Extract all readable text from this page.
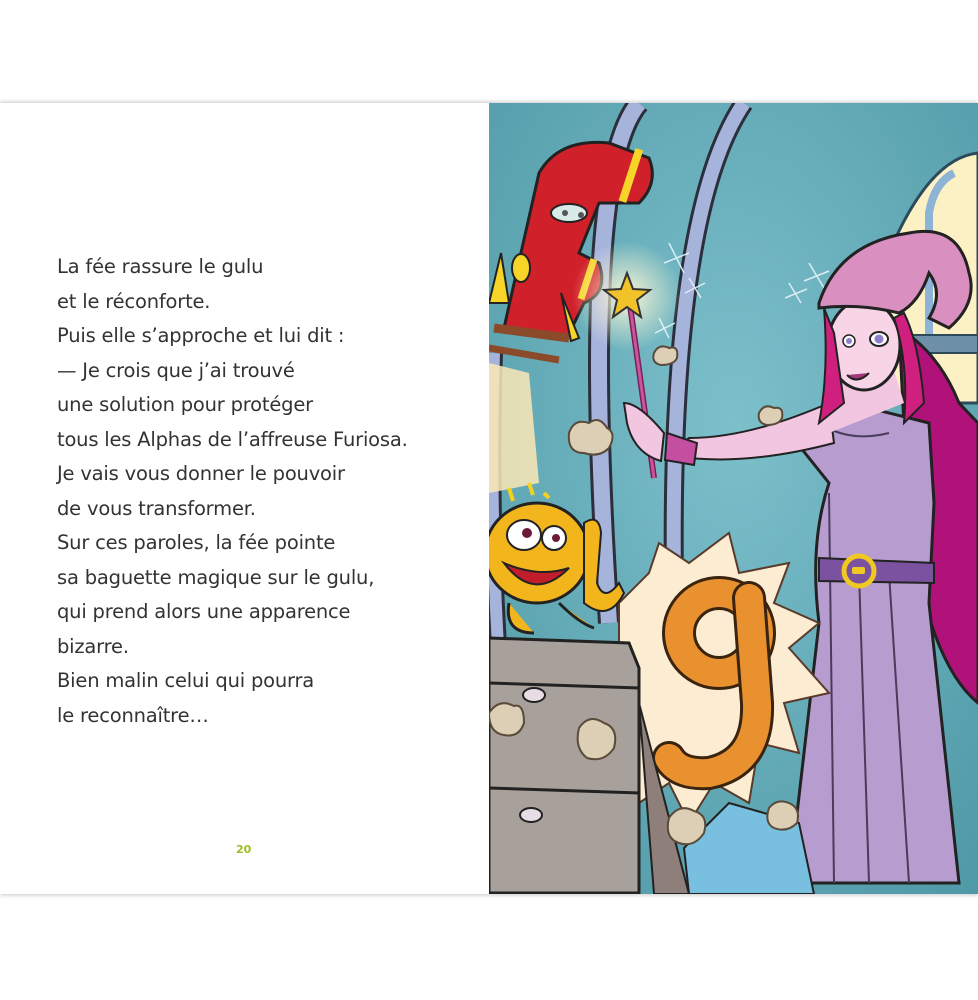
La fée rassure le gulu
et le réconforte.
Puis elle s’approche et lui dit :
— Je crois que j’ai trouvé
une solution pour protéger
tous les Alphas de l’affreuse Furiosa.
Je vais vous donner le pouvoir
de vous transformer.
Sur ces paroles, la fée pointe
sa baguette magique sur le gulu,
qui prend alors une apparence
bizarre.
Bien malin celui qui pourra
le reconnaître…
20
